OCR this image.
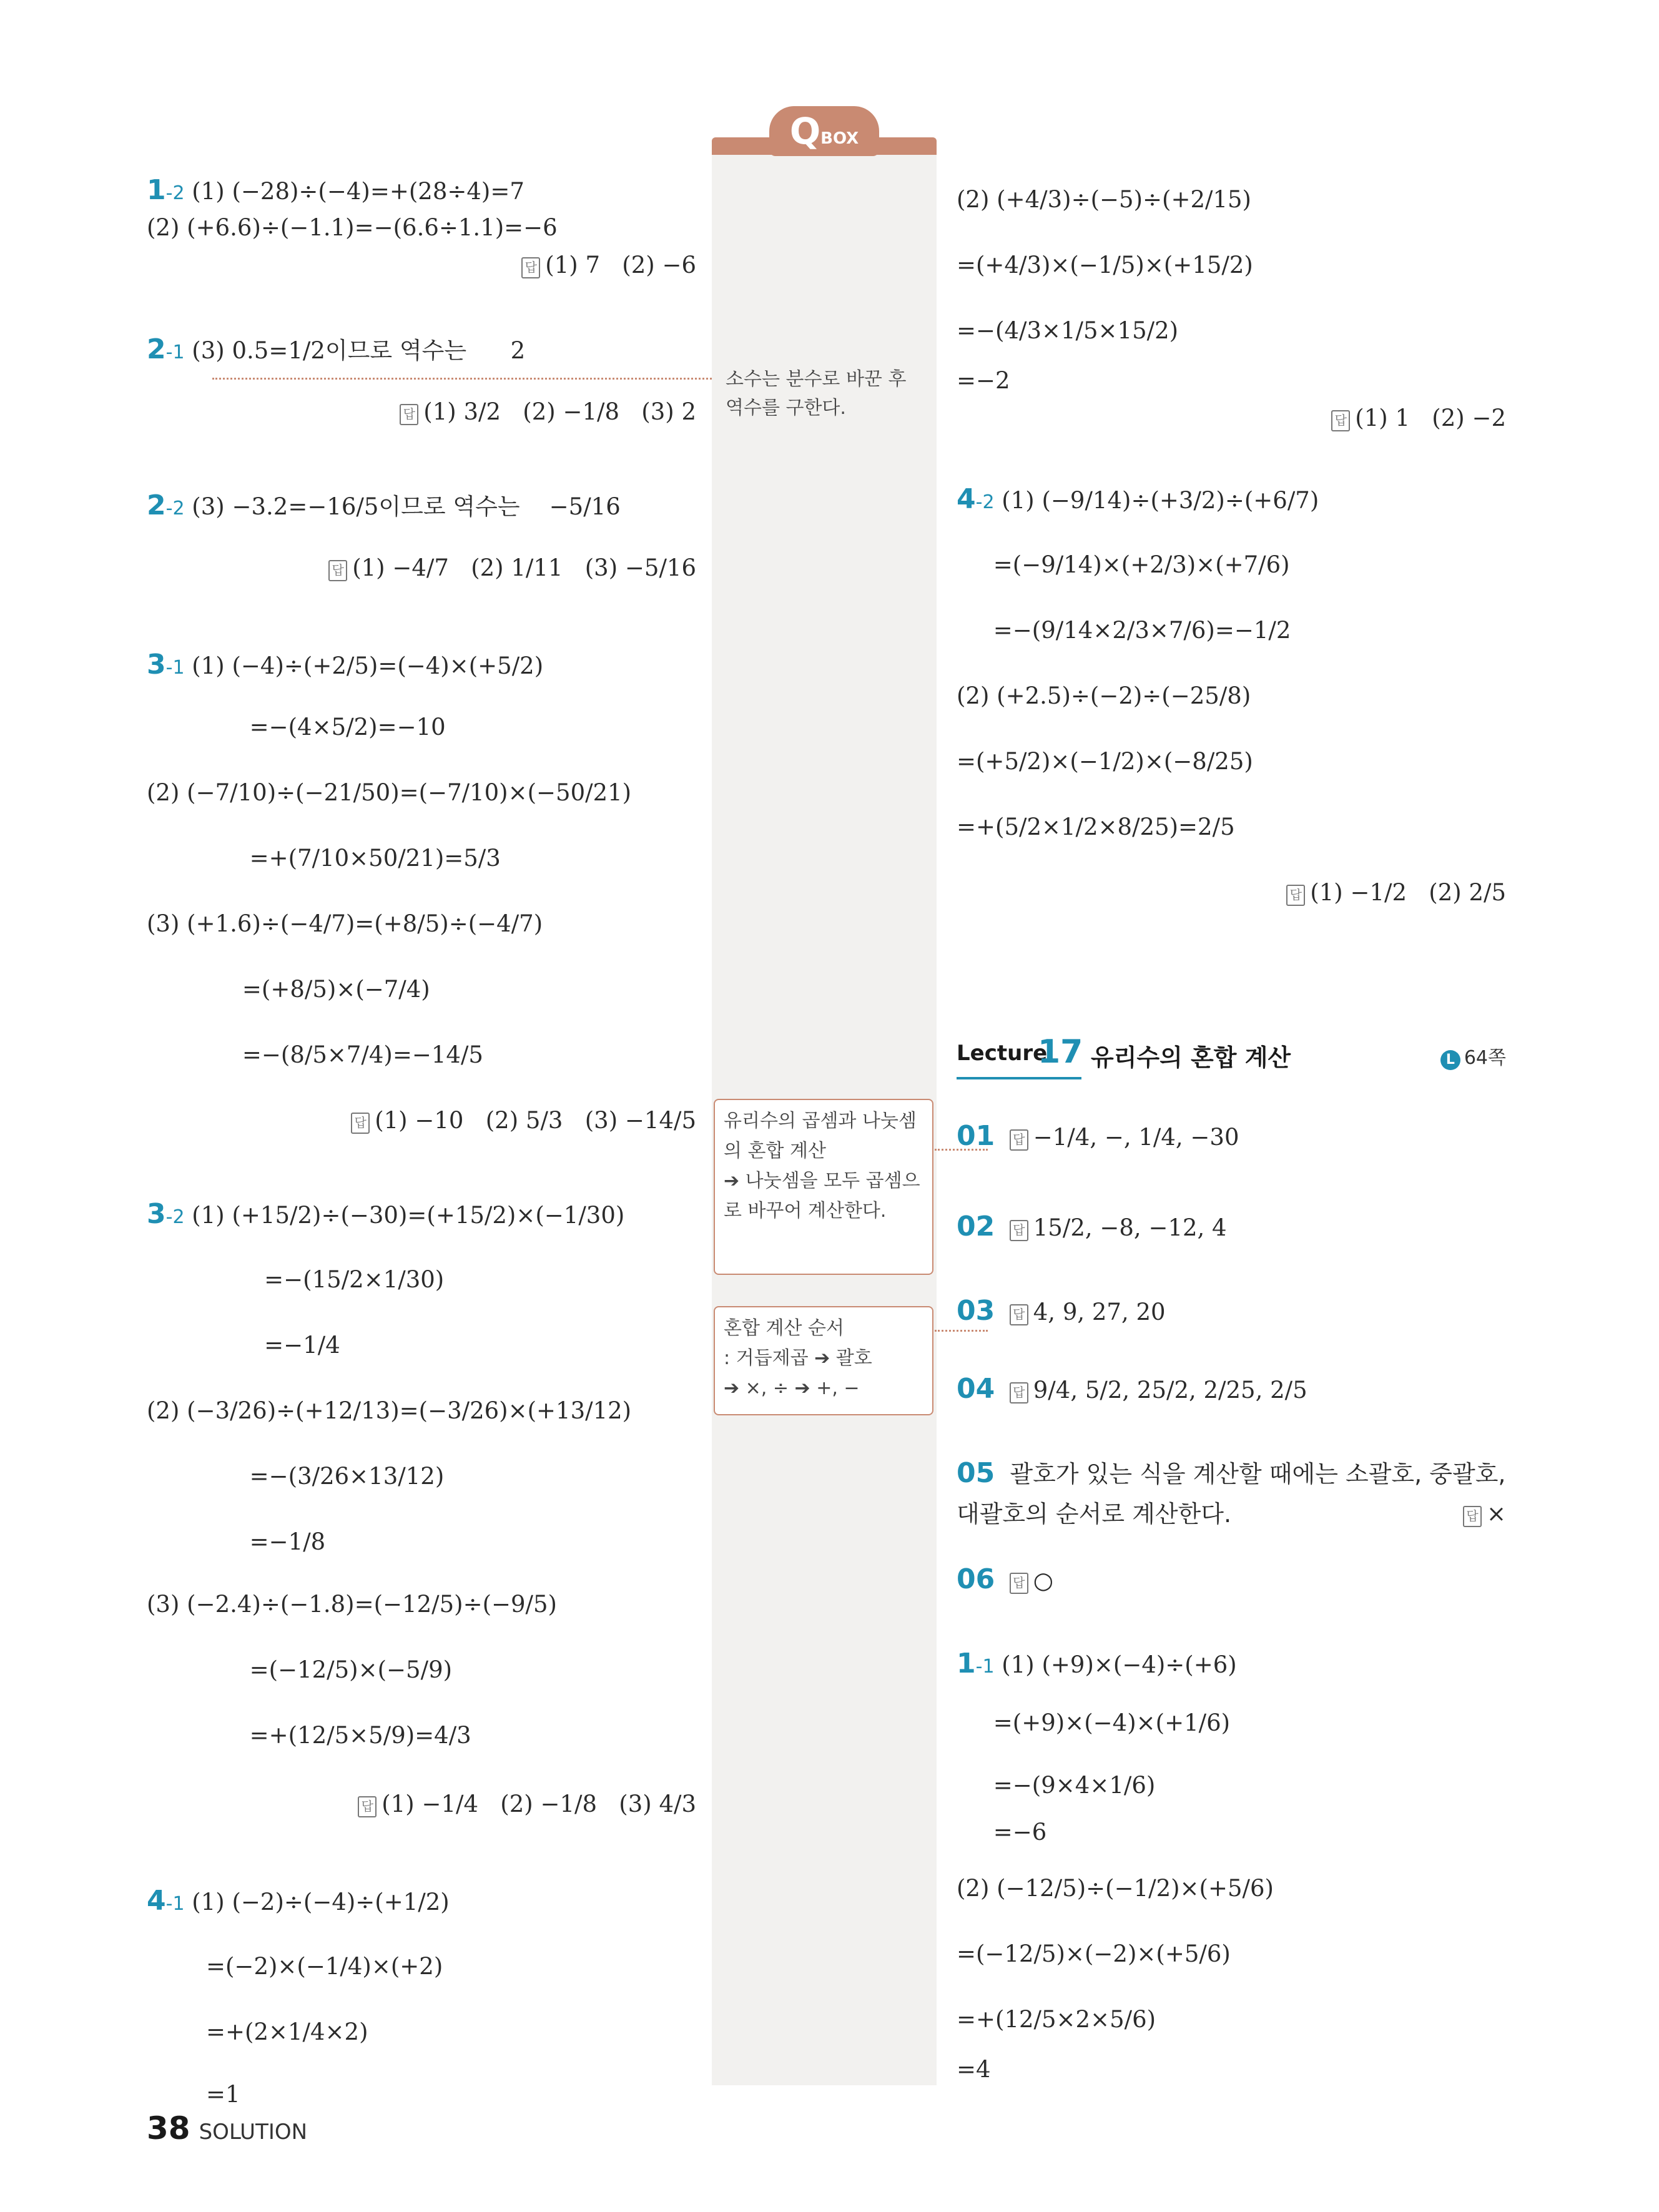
QBOX
1-2 (1) (−28)÷(−4)=+(28÷4)=7
(2) (+6.6)÷(−1.1)=−(6.6÷1.1)=−6
답 (1) 7   (2) −6
2-1 (3) 0.5=1/2이므로 역수는      2
답 (1) 3/2   (2) −1/8   (3) 2
2-2 (3) −3.2=−16/5이므로 역수는    −5/16
답 (1) −4/7   (2) 1/11   (3) −5/16
3-1 (1) (−4)÷(+2/5)=(−4)×(+5/2)
=−(4×5/2)=−10
(2) (−7/10)÷(−21/50)=(−7/10)×(−50/21)
=+(7/10×50/21)=5/3
(3) (+1.6)÷(−4/7)=(+8/5)÷(−4/7)
=(+8/5)×(−7/4)
=−(8/5×7/4)=−14/5
답 (1) −10   (2) 5/3   (3) −14/5
3-2 (1) (+15/2)÷(−30)=(+15/2)×(−1/30)
=−(15/2×1/30)
=−1/4
(2) (−3/26)÷(+12/13)=(−3/26)×(+13/12)
=−(3/26×13/12)
=−1/8
(3) (−2.4)÷(−1.8)=(−12/5)÷(−9/5)
=(−12/5)×(−5/9)
=+(12/5×5/9)=4/3
답 (1) −1/4   (2) −1/8   (3) 4/3
4-1 (1) (−2)÷(−4)÷(+1/2)
=(−2)×(−1/4)×(+2)
=+(2×1/4×2)
=1
소수는 분수로 바꾼 후 역수를 구한다.
유리수의 곱셈과 나눗셈의 혼합 계산
➔ 나눗셈을 모두 곱셈으로 바꾸어 계산한다.
혼합 계산 순서
: 거듭제곱 ➔ 괄호
➔ ×, ÷ ➔ +, −
(2) (+4/3)÷(−5)÷(+2/15)
=(+4/3)×(−1/5)×(+15/2)
=−(4/3×1/5×15/2)
=−2
답 (1) 1   (2) −2
4-2 (1) (−9/14)÷(+3/2)÷(+6/7)
=(−9/14)×(+2/3)×(+7/6)
=−(9/14×2/3×7/6)=−1/2
(2) (+2.5)÷(−2)÷(−25/8)
=(+5/2)×(−1/2)×(−8/25)
=+(5/2×1/2×8/25)=2/5
답 (1) −1/2   (2) 2/5
Lecture
17 유리수의 혼합 계산	L 64쪽
01 답 −1/4, −, 1/4, −30
02 답 15/2, −8, −12, 4
03 답 4, 9, 27, 20
04 답 9/4, 5/2, 25/2, 2/25, 2/5
05 괄호가 있는 식을 계산할 때에는 소괄호, 중괄호,
대괄호의 순서로 계산한다.	답 ×
06 답 ○
1-1 (1) (+9)×(−4)÷(+6)
=(+9)×(−4)×(+1/6)
=−(9×4×1/6)
=−6
(2) (−12/5)÷(−1/2)×(+5/6)
=(−12/5)×(−2)×(+5/6)
=+(12/5×2×5/6)
=4
38 SOLUTION
